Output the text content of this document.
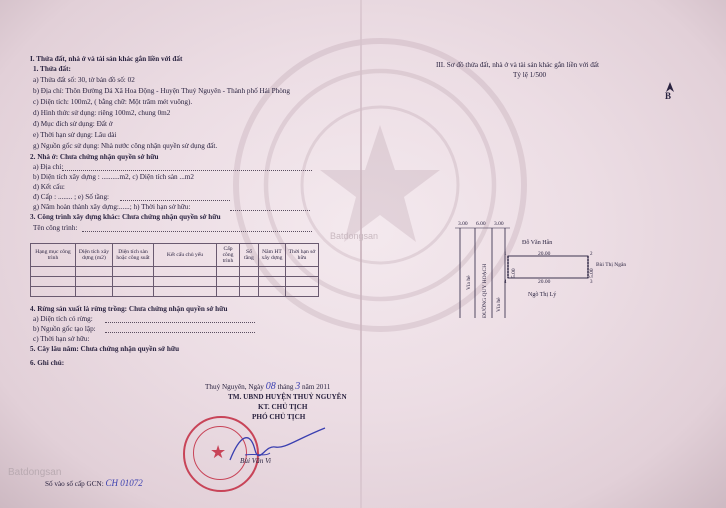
I. Thửa đất, nhà ở và tài sản khác gắn liền với đất
1. Thửa đất:
a) Thửa đất số: 30, tờ bản đồ số: 02
b) Địa chỉ: Thôn Đường Dá Xã Hoa Động - Huyện Thuỷ Nguyên - Thành phố Hải Phòng
c) Diện tích: 100m2, ( bằng chữ: Một trăm mét vuông).
d) Hình thức sử dụng: riêng 100m2, chung 0m2
đ) Mục đích sử dụng: Đất ở
e) Thời hạn sử dụng: Lâu dài
g) Nguồn gốc sử dụng: Nhà nước công nhận quyền sử dụng đất.
2. Nhà ở: Chưa chứng nhận quyền sở hữu
a) Địa chỉ:
b) Diện tích xây dựng : ..........m2, c) Diện tích sàn ...m2
d) Kết cấu:
đ) Cấp : ........ ; e) Số tầng:
g) Năm hoàn thành xây dựng:......; h) Thời hạn sở hữu:
3. Công trình xây dựng khác: Chưa chứng nhận quyền sở hữu
Tên công trình:
Hạng mục công trình	Diện tích xây dựng (m2)	Diện tích sàn hoặc công suất	Kết cấu chủ yếu	Cấp công trình	Số tầng	Năm HT xây dựng	Thời hạn sở hữu

4. Rừng sản xuất là rừng trồng: Chưa chứng nhận quyền sở hữu
a) Diện tích có rừng:
b) Nguồn gốc tạo lập:
c) Thời hạn sở hữu:
5. Cây lâu năm: Chưa chứng nhận quyền sở hữu
6. Ghi chú:
Thuỷ Nguyên, Ngày 08 tháng 3 năm 2011
TM. UBND HUYỆN THUỶ NGUYÊN
KT. CHỦ TỊCH
PHÓ CHỦ TỊCH
★ Bùi Văn Vi
Số vào sổ cấp GCN: CH 01072
Batdongsan
III. Sơ đồ thửa đất, nhà ở và tài sản khác gắn liền với đất
Tỷ lệ 1/500
B
3.00 6.00 3.00
Đỗ Văn Hân
20.00
20.00
Bùi Thị Ngân
Ngõ Thị Lý
Vỉa hè ĐƯỜNG QUY HOẠCH Vỉa hè
5.00	5.00
1	2
3
4
Batdongsan
